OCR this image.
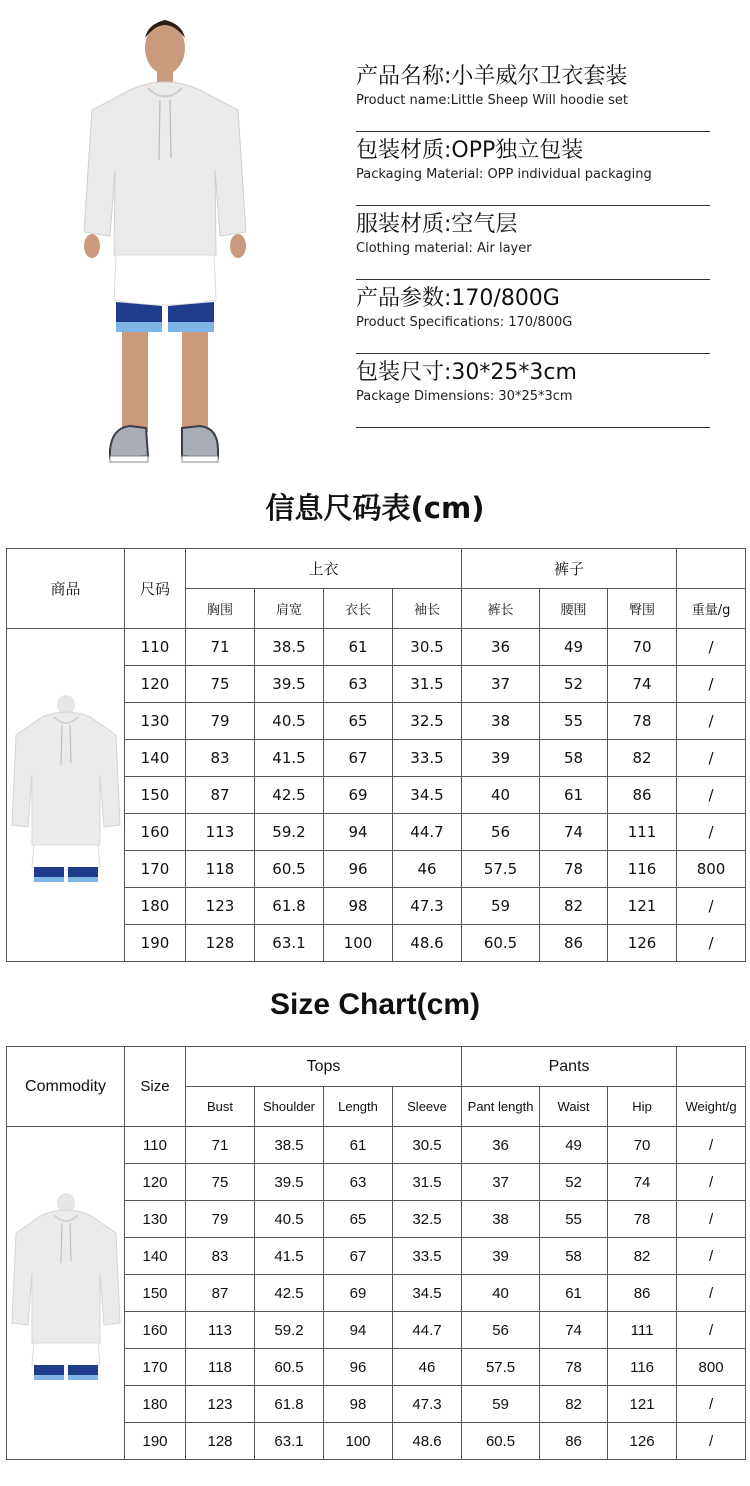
产品名称:小羊威尔卫衣套装
Product name:Little Sheep Will hoodie set
包装材质:OPP独立包装
Packaging Material: OPP individual packaging
服装材质:空气层
Clothing material: Air layer
产品参数:170/800G
Product Specifications: 170/800G
包装尺寸:30*25*3cm
Package Dimensions: 30*25*3cm
信息尺码表(cm)
商品	尺码	上衣				裤子			
		胸围	肩宽	衣长	袖长	裤长	腰围	臀围	重量/g

	110	71	38.5	61	30.5	36	49	70	/
	120	75	39.5	63	31.5	37	52	74	/
	130	79	40.5	65	32.5	38	55	78	/
	140	83	41.5	67	33.5	39	58	82	/
	150	87	42.5	69	34.5	40	61	86	/
	160	113	59.2	94	44.7	56	74	111	/
	170	118	60.5	96	46	57.5	78	116	800
	180	123	61.8	98	47.3	59	82	121	/
	190	128	63.1	100	48.6	60.5	86	126	/
Size Chart(cm)
Commodity	Size	Tops				Pants			
		Bust	Shoulder	Length	Sleeve	Pant length	Waist	Hip	Weight/g

	110	71	38.5	61	30.5	36	49	70	/
	120	75	39.5	63	31.5	37	52	74	/
	130	79	40.5	65	32.5	38	55	78	/
	140	83	41.5	67	33.5	39	58	82	/
	150	87	42.5	69	34.5	40	61	86	/
	160	113	59.2	94	44.7	56	74	111	/
	170	118	60.5	96	46	57.5	78	116	800
	180	123	61.8	98	47.3	59	82	121	/
	190	128	63.1	100	48.6	60.5	86	126	/
